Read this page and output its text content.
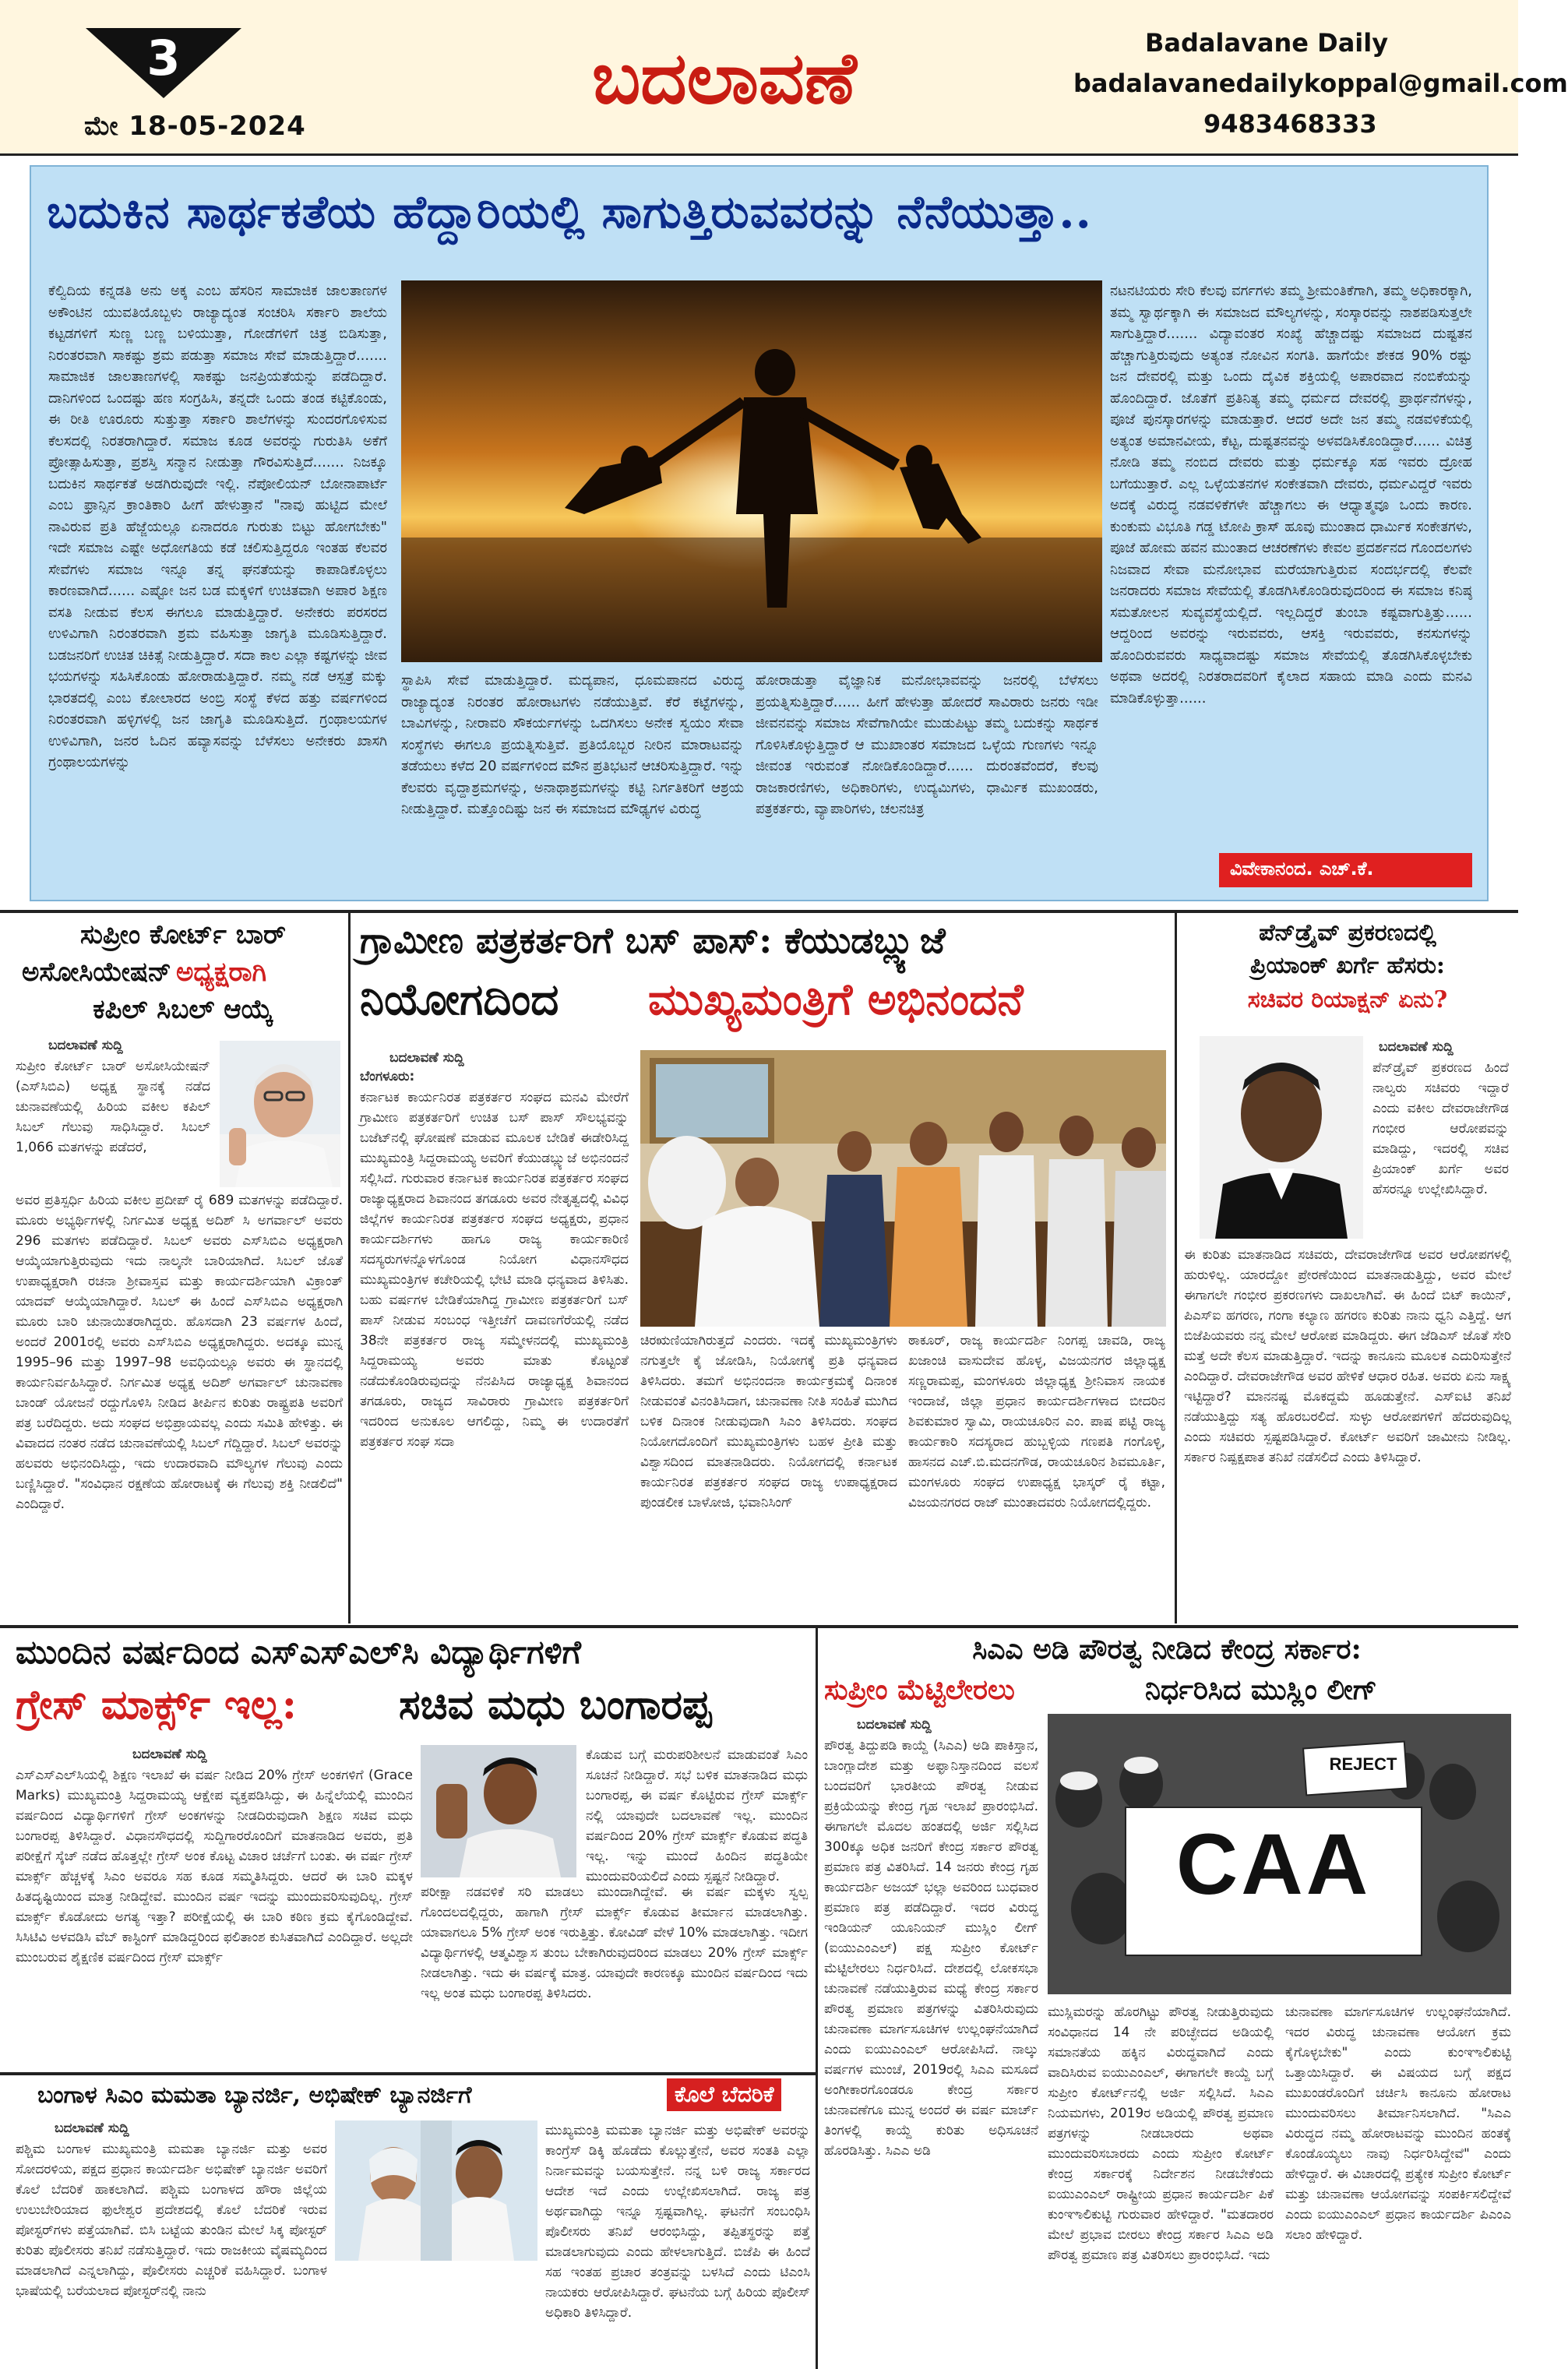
3
ಮೇ 18-05-2024
ಬದಲಾವಣೆ	Badalavane Daily
badalavanedailykoppal@gmail.com
9483468333
ಬದುಕಿನ ಸಾರ್ಥಕತೆಯ ಹೆದ್ದಾರಿಯಲ್ಲಿ ಸಾಗುತ್ತಿರುವವರನ್ನು ನೆನೆಯುತ್ತಾ..
ಕೆಲ್ವಿದಿಯ ಕನ್ನಡತಿ ಅನು ಅಕ್ಕ ಎಂಬ ಹೆಸರಿನ ಸಾಮಾಜಿಕ ಜಾಲತಾಣಗಳ ಅಕೌಂಟಿನ ಯುವತಿಯೊಬ್ಬಳು ರಾಜ್ಯಾದ್ಯಂತ ಸಂಚರಿಸಿ ಸರ್ಕಾರಿ ಶಾಲೆಯ ಕಟ್ಟಡಗಳಿಗೆ ಸುಣ್ಣ ಬಣ್ಣ ಬಳಿಯುತ್ತಾ, ಗೋಡೆಗಳಿಗೆ ಚಿತ್ರ ಬಿಡಿಸುತ್ತಾ, ನಿರಂತರವಾಗಿ ಸಾಕಷ್ಟು ಶ್ರಮ ಪಡುತ್ತಾ ಸಮಾಜ ಸೇವೆ ಮಾಡುತ್ತಿದ್ದಾರೆ....... ಸಾಮಾಜಿಕ ಜಾಲತಾಣಗಳಲ್ಲಿ ಸಾಕಷ್ಟು ಜನಪ್ರಿಯತೆಯನ್ನು ಪಡೆದಿದ್ದಾರೆ. ದಾನಿಗಳಿಂದ ಒಂದಷ್ಟು ಹಣ ಸಂಗ್ರಹಿಸಿ, ತನ್ನದೇ ಒಂದು ತಂಡ ಕಟ್ಟಿಕೊಂಡು, ಈ ರೀತಿ ಊರೂರು ಸುತ್ತುತ್ತಾ ಸರ್ಕಾರಿ ಶಾಲೆಗಳನ್ನು ಸುಂದರಗೊಳಿಸುವ ಕೆಲಸದಲ್ಲಿ ನಿರತರಾಗಿದ್ದಾರೆ. ಸಮಾಜ ಕೂಡ ಅವರನ್ನು ಗುರುತಿಸಿ ಅಕೆಗೆ ಪ್ರೋತ್ಸಾಹಿಸುತ್ತಾ, ಪ್ರಶಸ್ತಿ ಸನ್ಮಾನ ನೀಡುತ್ತಾ ಗೌರವಿಸುತ್ತಿದೆ....... ನಿಜಕ್ಕೂ ಬದುಕಿನ ಸಾರ್ಥಕತೆ ಅಡಗಿರುವುದೇ ಇಲ್ಲಿ. ನೆಪೋಲಿಯನ್ ಬೋನಾಪಾರ್ಟೆ ಎಂಬ ಫ್ರಾನ್ಸಿನ ಕ್ರಾಂತಿಕಾರಿ ಹೀಗೆ ಹೇಳುತ್ತಾನೆ "ನಾವು ಹುಟ್ಟಿದ ಮೇಲೆ ನಾವಿರುವ ಪ್ರತಿ ಹೆಜ್ಜೆಯಲ್ಲೂ ಏನಾದರೂ ಗುರುತು ಬಿಟ್ಟು ಹೋಗಬೇಕು" ಇದೇ ಸಮಾಜ ಎಷ್ಟೇ ಅಧೋಗತಿಯ ಕಡೆ ಚಲಿಸುತ್ತಿದ್ದರೂ ಇಂತಹ ಕೆಲವರ ಸೇವೆಗಳು ಸಮಾಜ ಇನ್ನೂ ತನ್ನ ಘನತೆಯನ್ನು ಕಾಪಾಡಿಕೊಳ್ಳಲು ಕಾರಣವಾಗಿದೆ...... ಎಷ್ಟೋ ಜನ ಬಡ ಮಕ್ಕಳಿಗೆ ಉಚಿತವಾಗಿ ಅಪಾರ ಶಿಕ್ಷಣ ವಸತಿ ನೀಡುವ ಕೆಲಸ ಈಗಲೂ ಮಾಡುತ್ತಿದ್ದಾರೆ. ಅನೇಕರು ಪರಸರದ ಉಳಿವಿಗಾಗಿ ನಿರಂತರವಾಗಿ ಶ್ರಮ ವಹಿಸುತ್ತಾ ಜಾಗೃತಿ ಮೂಡಿಸುತ್ತಿದ್ದಾರೆ. ಬಡಜನರಿಗೆ ಉಚಿತ ಚಿಕಿತ್ಸೆ ನೀಡುತ್ತಿದ್ದಾರೆ. ಸದಾ ಕಾಲ ಎಲ್ಲಾ ಕಷ್ಟಗಳನ್ನು ಜೀವ ಭಯಗಳನ್ನು ಸಹಿಸಿಕೊಂಡು ಹೋರಾಡುತ್ತಿದ್ದಾರೆ. ನಮ್ಮ ನಡೆ ಆಸ್ಪತ್ರೆ ಮಕ್ಕು ಭಾರತದಲ್ಲಿ ಎಂಬ ಕೋಲಾರದ ಅಂಬ್ರಿ ಸಂಸ್ಥೆ ಕೆಳದ ಹತ್ತು ವರ್ಷಗಳಿಂದ ನಿರಂತರವಾಗಿ ಹಳ್ಳಿಗಳಲ್ಲಿ ಜನ ಜಾಗೃತಿ ಮೂಡಿಸುತ್ತಿದೆ. ಗ್ರಂಥಾಲಯಗಳ ಉಳಿವಿಗಾಗಿ, ಜನರ ಓದಿನ ಹವ್ಯಾಸವನ್ನು ಬೆಳೆಸಲು ಅನೇಕರು ಖಾಸಗಿ ಗ್ರಂಥಾಲಯಗಳನ್ನು
ಸ್ಥಾಪಿಸಿ ಸೇವೆ ಮಾಡುತ್ತಿದ್ದಾರೆ. ಮದ್ಯಪಾನ, ಧೂಮಪಾನದ ವಿರುದ್ಧ ರಾಜ್ಯಾದ್ಯಂತ ನಿರಂತರ ಹೋರಾಟಗಳು ನಡೆಯುತ್ತಿವೆ. ಕೆರೆ ಕಟ್ಟೆಗಳನ್ನು, ಬಾವಿಗಳನ್ನು, ನೀರಾವರಿ ಸೌಕರ್ಯಗಳನ್ನು ಒದಗಿಸಲು ಅನೇಕ ಸ್ವಯಂ ಸೇವಾ ಸಂಸ್ಥೆಗಳು ಈಗಲೂ ಪ್ರಯತ್ನಿಸುತ್ತಿವೆ. ಪ್ರತಿಯೊಬ್ಬರ ನೀರಿನ ಮಾರಾಟವನ್ನು ತಡೆಯಲು ಕಳೆದ 20 ವರ್ಷಗಳಿಂದ ಮೌನ ಪ್ರತಿಭಟನೆ ಆಚರಿಸುತ್ತಿದ್ದಾರೆ. ಇನ್ನು ಕೆಲವರು ವೃದ್ದಾಶ್ರಮಗಳನ್ನು, ಅನಾಥಾಶ್ರಮಗಳನ್ನು ಕಟ್ಟಿ ನಿರ್ಗತಿಕರಿಗೆ ಆಶ್ರಯ ನೀಡುತ್ತಿದ್ದಾರೆ. ಮತ್ತೊಂದಿಷ್ಟು ಜನ ಈ ಸಮಾಜದ ಮೌಢ್ಯಗಳ ವಿರುದ್ಧ
ಹೋರಾಡುತ್ತಾ ವೈಜ್ಞಾನಿಕ ಮನೋಭಾವವನ್ನು ಜನರಲ್ಲಿ ಬೆಳೆಸಲು ಪ್ರಯತ್ನಿಸುತ್ತಿದ್ದಾರೆ...... ಹೀಗೆ ಹೇಳುತ್ತಾ ಹೋದರೆ ಸಾವಿರಾರು ಜನರು ಇಡೀ ಜೀವನವನ್ನು ಸಮಾಜ ಸೇವೆಗಾಗಿಯೇ ಮುಡುಪಿಟ್ಟು ತಮ್ಮ ಬದುಕನ್ನು ಸಾರ್ಥಕ ಗೊಳಿಸಿಕೊಳ್ಳುತ್ತಿದ್ದಾರೆ ಆ ಮುಖಾಂತರ ಸಮಾಜದ ಒಳ್ಳೆಯ ಗುಣಗಳು ಇನ್ನೂ ಜೀವಂತ ಇರುವಂತೆ ನೋಡಿಕೊಂಡಿದ್ದಾರೆ...... ದುರಂತವೆಂದರೆ, ಕೆಲವು ರಾಜಕಾರಣಿಗಳು, ಅಧಿಕಾರಿಗಳು, ಉದ್ಯಮಿಗಳು, ಧಾರ್ಮಿಕ ಮುಖಂಡರು, ಪತ್ರಕರ್ತರು, ವ್ಯಾಪಾರಿಗಳು, ಚಲನಚಿತ್ರ
ನಟನಟಿಯರು ಸೇರಿ ಕೆಲವು ವರ್ಗಗಳು ತಮ್ಮ ಶ್ರೀಮಂತಿಕೆಗಾಗಿ, ತಮ್ಮ ಅಧಿಕಾರಕ್ಕಾಗಿ, ತಮ್ಮ ಸ್ವಾರ್ಥಕ್ಕಾಗಿ ಈ ಸಮಾಜದ ಮೌಲ್ಯಗಳನ್ನು, ಸಂಸ್ಕಾರವನ್ನು ನಾಶಪಡಿಸುತ್ತಲೇ ಸಾಗುತ್ತಿದ್ದಾರೆ....... ವಿದ್ಯಾವಂತರ ಸಂಖ್ಯೆ ಹೆಚ್ಚಾದಷ್ಟು ಸಮಾಜದ ದುಷ್ಟತನ ಹೆಚ್ಚಾಗುತ್ತಿರುವುದು ಅತ್ಯಂತ ನೋವಿನ ಸಂಗತಿ. ಹಾಗೆಯೇ ಶೇಕಡ 90% ರಷ್ಟು ಜನ ದೇವರಲ್ಲಿ ಮತ್ತು ಒಂದು ದೈವಿಕ ಶಕ್ತಿಯಲ್ಲಿ ಅಪಾರವಾದ ನಂಬಿಕೆಯನ್ನು ಹೊಂದಿದ್ದಾರೆ. ಜೊತೆಗೆ ಪ್ರತಿನಿತ್ಯ ತಮ್ಮ ಧರ್ಮದ ದೇವರಲ್ಲಿ ಪ್ರಾರ್ಥನೆಗಳನ್ನು, ಪೂಜೆ ಪುನಸ್ಕಾರಗಳನ್ನು ಮಾಡುತ್ತಾರೆ. ಆದರೆ ಅದೇ ಜನ ತಮ್ಮ ನಡವಳಿಕೆಯಲ್ಲಿ ಅತ್ಯಂತ ಅಮಾನವೀಯ, ಕೆಟ್ಟ, ದುಷ್ಟತನವನ್ನು ಅಳವಡಿಸಿಕೊಂಡಿದ್ದಾರೆ...... ವಿಚಿತ್ರ ನೋಡಿ ತಮ್ಮ ನಂಬಿದ ದೇವರು ಮತ್ತು ಧರ್ಮಕ್ಕೂ ಸಹ ಇವರು ದ್ರೋಹ ಬಗೆಯುತ್ತಾರೆ. ಎಲ್ಲ ಒಳ್ಳೆಯತನಗಳ ಸಂಕೇತವಾಗಿ ದೇವರು, ಧರ್ಮವಿದ್ದರೆ ಇವರು ಅದಕ್ಕೆ ವಿರುದ್ಧ ನಡವಳಿಕೆಗಳೇ ಹೆಚ್ಚಾಗಲು ಈ ಆಧ್ಯಾತ್ಮವೂ ಒಂದು ಕಾರಣ. ಕುಂಕುಮ ವಿಭೂತಿ ಗಡ್ಡ ಟೋಪಿ ಕ್ರಾಸ್ ಹೂವು ಮುಂತಾದ ಧಾರ್ಮಿಕ ಸಂಕೇತಗಳು, ಪೂಜೆ ಹೋಮ ಹವನ ಮುಂತಾದ ಆಚರಣೆಗಳು ಕೇವಲ ಪ್ರದರ್ಶನದ ಗೊಂದಲಗಳು ನಿಜವಾದ ಸೇವಾ ಮನೋಭಾವ ಮರೆಯಾಗುತ್ತಿರುವ ಸಂದರ್ಭದಲ್ಲಿ ಕೆಲವೇ ಜನರಾದರು ಸಮಾಜ ಸೇವೆಯಲ್ಲಿ ತೊಡಗಿಸಿಕೊಂಡಿರುವುದರಿಂದ ಈ ಸಮಾಜ ಕನಿಷ್ಠ ಸಮತೋಲನ ಸುವ್ಯವಸ್ಥೆಯಲ್ಲಿದೆ. ಇಲ್ಲದಿದ್ದರೆ ತುಂಬಾ ಕಷ್ಟವಾಗುತ್ತಿತ್ತು...... ಆದ್ದರಿಂದ ಅವರನ್ನು ಇರುವವರು, ಆಸಕ್ತಿ ಇರುವವರು, ಕನಸುಗಳನ್ನು ಹೊಂದಿರುವವರು ಸಾಧ್ಯವಾದಷ್ಟು ಸಮಾಜ ಸೇವೆಯಲ್ಲಿ ತೊಡಗಿಸಿಕೊಳ್ಳಬೇಕು ಅಥವಾ ಅದರಲ್ಲಿ ನಿರತರಾದವರಿಗೆ ಕೈಲಾದ ಸಹಾಯ ಮಾಡಿ ಎಂದು ಮನವಿ ಮಾಡಿಕೊಳ್ಳುತ್ತಾ......
ವಿವೇಕಾನಂದ. ಎಚ್.ಕೆ.
ಸುಪ್ರೀಂ ಕೋರ್ಟ್ ಬಾರ್
ಅಸೋಸಿಯೇಷನ್ ಅಧ್ಯಕ್ಷರಾಗಿ
ಕಪಿಲ್ ಸಿಬಲ್ ಆಯ್ಕೆ
ಬದಲಾವಣೆ ಸುದ್ದಿ
ಸುಪ್ರೀಂ ಕೋರ್ಟ್ ಬಾರ್ ಅಸೋಸಿಯೇಷನ್ (ಎಸ್‌ಸಿಬಿಎ) ಅಧ್ಯಕ್ಷ ಸ್ಥಾನಕ್ಕೆ ನಡೆದ ಚುನಾವಣೆಯಲ್ಲಿ ಹಿರಿಯ ವಕೀಲ ಕಪಿಲ್ ಸಿಬಲ್ ಗೆಲುವು ಸಾಧಿಸಿದ್ದಾರೆ. ಸಿಬಲ್ 1,066 ಮತಗಳನ್ನು ಪಡೆದರೆ,
ಅವರ ಪ್ರತಿಸ್ಪರ್ಧಿ ಹಿರಿಯ ವಕೀಲ ಪ್ರದೀಪ್ ರೈ 689 ಮತಗಳನ್ನು ಪಡೆದಿದ್ದಾರೆ. ಮೂರು ಅಭ್ಯರ್ಥಿಗಳಲ್ಲಿ ನಿರ್ಗಮಿತ ಅಧ್ಯಕ್ಷ ಅದಿಶ್ ಸಿ ಅಗರ್ವಾಲ್ ಅವರು 296 ಮತಗಳು ಪಡೆದಿದ್ದಾರೆ. ಸಿಬಲ್ ಅವರು ಎಸ್‌ಸಿಬಿಎ ಅಧ್ಯಕ್ಷರಾಗಿ ಆಯ್ಕೆಯಾಗುತ್ತಿರುವುದು ಇದು ನಾಲ್ಕನೇ ಬಾರಿಯಾಗಿದೆ. ಸಿಬಲ್ ಜೊತೆ ಉಪಾಧ್ಯಕ್ಷರಾಗಿ ರಚನಾ ಶ್ರೀವಾಸ್ತವ ಮತ್ತು ಕಾರ್ಯದರ್ಶಿಯಾಗಿ ವಿಕ್ರಾಂತ್ ಯಾದವ್ ಆಯ್ಕೆಯಾಗಿದ್ದಾರೆ. ಸಿಬಲ್ ಈ ಹಿಂದೆ ಎಸ್‌ಸಿಬಿಎ ಅಧ್ಯಕ್ಷರಾಗಿ ಮೂರು ಬಾರಿ ಚುನಾಯಿತರಾಗಿದ್ದರು. ಹೊಸದಾಗಿ 23 ವರ್ಷಗಳ ಹಿಂದೆ, ಅಂದರೆ 2001ರಲ್ಲಿ ಅವರು ಎಸ್‌ಸಿಬಿಎ ಅಧ್ಯಕ್ಷರಾಗಿದ್ದರು. ಅದಕ್ಕೂ ಮುನ್ನ 1995–96 ಮತ್ತು 1997–98 ಅವಧಿಯಲ್ಲೂ ಅವರು ಈ ಸ್ಥಾನದಲ್ಲಿ ಕಾರ್ಯನಿರ್ವಹಿಸಿದ್ದಾರೆ. ನಿರ್ಗಮಿತ ಅಧ್ಯಕ್ಷ ಅದಿಶ್ ಅಗರ್ವಾಲ್ ಚುನಾವಣಾ ಬಾಂಡ್ ಯೋಜನೆ ರದ್ದುಗೊಳಿಸಿ ನೀಡಿದ ತೀರ್ಪಿನ ಕುರಿತು ರಾಷ್ಟ್ರಪತಿ ಅವರಿಗೆ ಪತ್ರ ಬರೆದಿದ್ದರು. ಅದು ಸಂಘದ ಅಭಿಪ್ರಾಯವಲ್ಲ ಎಂದು ಸಮಿತಿ ಹೇಳಿತ್ತು. ಈ ವಿವಾದದ ನಂತರ ನಡೆದ ಚುನಾವಣೆಯಲ್ಲಿ ಸಿಬಲ್ ಗೆದ್ದಿದ್ದಾರೆ. ಸಿಬಲ್ ಅವರನ್ನು ಹಲವರು ಅಭಿನಂದಿಸಿದ್ದು, ಇದು ಉದಾರವಾದಿ ಮೌಲ್ಯಗಳ ಗೆಲುವು ಎಂದು ಬಣ್ಣಿಸಿದ್ದಾರೆ. "ಸಂವಿಧಾನ ರಕ್ಷಣೆಯ ಹೋರಾಟಕ್ಕೆ ಈ ಗೆಲುವು ಶಕ್ತಿ ನೀಡಲಿದೆ" ಎಂದಿದ್ದಾರೆ.
ಗ್ರಾಮೀಣ ಪತ್ರಕರ್ತರಿಗೆ ಬಸ್ ಪಾಸ್: ಕೆಯುಡಬ್ಲ್ಯುಜೆ
ನಿಯೋಗದಿಂದ ಮುಖ್ಯಮಂತ್ರಿಗೆ ಅಭಿನಂದನೆ
ಬದಲಾವಣೆ ಸುದ್ದಿ
ಬೆಂಗಳೂರು:
ಕರ್ನಾಟಕ ಕಾರ್ಯನಿರತ ಪತ್ರಕರ್ತರ ಸಂಘದ ಮನವಿ ಮೇರೆಗೆ ಗ್ರಾಮೀಣ ಪತ್ರಕರ್ತರಿಗೆ ಉಚಿತ ಬಸ್ ಪಾಸ್ ಸೌಲಭ್ಯವನ್ನು ಬಜೆಟ್‌ನಲ್ಲಿ ಘೋಷಣೆ ಮಾಡುವ ಮೂಲಕ ಬೇಡಿಕೆ ಈಡೇರಿಸಿದ್ದ ಮುಖ್ಯಮಂತ್ರಿ ಸಿದ್ದರಾಮಯ್ಯ ಅವರಿಗೆ ಕೆಯುಡಬ್ಲ್ಯುಜೆ ಅಭಿನಂದನೆ ಸಲ್ಲಿಸಿದೆ. ಗುರುವಾರ ಕರ್ನಾಟಕ ಕಾರ್ಯನಿರತ ಪತ್ರಕರ್ತರ ಸಂಘದ ರಾಜ್ಯಾಧ್ಯಕ್ಷರಾದ ಶಿವಾನಂದ ತಗಡೂರು ಅವರ ನೇತೃತ್ವದಲ್ಲಿ ವಿವಿಧ ಜಿಲ್ಲೆಗಳ ಕಾರ್ಯನಿರತ ಪತ್ರಕರ್ತರ ಸಂಘದ ಅಧ್ಯಕ್ಷರು, ಪ್ರಧಾನ ಕಾರ್ಯದರ್ಶಿಗಳು ಹಾಗೂ ರಾಜ್ಯ ಕಾರ್ಯಕಾರಿಣಿ ಸದಸ್ಯರುಗಳನ್ನೊಳಗೊಂಡ ನಿಯೋಗ ವಿಧಾನಸೌಧದ ಮುಖ್ಯಮಂತ್ರಿಗಳ ಕಚೇರಿಯಲ್ಲಿ ಭೇಟಿ ಮಾಡಿ ಧನ್ಯವಾದ ತಿಳಿಸಿತು. ಬಹು ವರ್ಷಗಳ ಬೇಡಿಕೆಯಾಗಿದ್ದ ಗ್ರಾಮೀಣ ಪತ್ರಕರ್ತರಿಗೆ ಬಸ್ ಪಾಸ್ ನೀಡುವ ಸಂಬಂಧ ಇತ್ತೀಚೆಗೆ ದಾವಣಗೆರೆಯಲ್ಲಿ ನಡೆದ 38ನೇ ಪತ್ರಕರ್ತರ ರಾಜ್ಯ ಸಮ್ಮೇಳನದಲ್ಲಿ ಮುಖ್ಯಮಂತ್ರಿ ಸಿದ್ದರಾಮಯ್ಯ ಅವರು ಮಾತು ಕೊಟ್ಟಂತೆ ನಡೆದುಕೊಂಡಿರುವುದನ್ನು ನೆನಪಿಸಿದ ರಾಜ್ಯಾಧ್ಯಕ್ಷ ಶಿವಾನಂದ ತಗಡೂರು, ರಾಜ್ಯದ ಸಾವಿರಾರು ಗ್ರಾಮೀಣ ಪತ್ರಕರ್ತರಿಗೆ ಇದರಿಂದ ಅನುಕೂಲ ಆಗಲಿದ್ದು, ನಿಮ್ಮ ಈ ಉದಾರತೆಗೆ ಪತ್ರಕರ್ತರ ಸಂಘ ಸದಾ
ಚಿರಋಣಿಯಾಗಿರುತ್ತದೆ ಎಂದರು. ಇದಕ್ಕೆ ಮುಖ್ಯಮಂತ್ರಿಗಳು ನಗುತ್ತಲೇ ಕೈ ಜೋಡಿಸಿ, ನಿಯೋಗಕ್ಕೆ ಪ್ರತಿ ಧನ್ಯವಾದ ತಿಳಿಸಿದರು. ತಮಗೆ ಅಭಿನಂದನಾ ಕಾರ್ಯಕ್ರಮಕ್ಕೆ ದಿನಾಂಕ ನೀಡುವಂತೆ ವಿನಂತಿಸಿದಾಗ, ಚುನಾವಣಾ ನೀತಿ ಸಂಹಿತೆ ಮುಗಿದ ಬಳಿಕ ದಿನಾಂಕ ನೀಡುವುದಾಗಿ ಸಿಎಂ ತಿಳಿಸಿದರು. ಸಂಘದ ನಿಯೋಗದೊಂದಿಗೆ ಮುಖ್ಯಮಂತ್ರಿಗಳು ಬಹಳ ಪ್ರೀತಿ ಮತ್ತು ವಿಶ್ವಾಸದಿಂದ ಮಾತನಾಡಿದರು. ನಿಯೋಗದಲ್ಲಿ ಕರ್ನಾಟಕ ಕಾರ್ಯನಿರತ ಪತ್ರಕರ್ತರ ಸಂಘದ ರಾಜ್ಯ ಉಪಾಧ್ಯಕ್ಷರಾದ ಪುಂಡಲೀಕ ಬಾಳೋಜಿ, ಭವಾನಿಸಿಂಗ್
ಠಾಕೂರ್, ರಾಜ್ಯ ಕಾರ್ಯದರ್ಶಿ ನಿಂಗಪ್ಪ ಚಾವಡಿ, ರಾಜ್ಯ ಖಜಾಂಚಿ ವಾಸುದೇವ ಹೊಳ್ಳ, ವಿಜಯನಗರ ಜಿಲ್ಲಾಧ್ಯಕ್ಷ ಸಣ್ಣರಾಮಪ್ಪ, ಮಂಗಳೂರು ಜಿಲ್ಲಾಧ್ಯಕ್ಷ ಶ್ರೀನಿವಾಸ ನಾಯಕ ಇಂದಾಜೆ, ಜಿಲ್ಲಾ ಪ್ರಧಾನ ಕಾರ್ಯದರ್ಶಿಗಳಾದ ಬೀದರಿನ ಶಿವಕುಮಾರ ಸ್ವಾಮಿ, ರಾಯಚೂರಿನ ಎಂ. ಪಾಷ ಪಟ್ಟಿ ರಾಜ್ಯ ಕಾರ್ಯಕಾರಿ ಸದಸ್ಯರಾದ ಹುಬ್ಬಳ್ಳಿಯ ಗಣಪತಿ ಗಂಗೊಳ್ಳಿ, ಹಾಸನದ ಎಚ್.ಬಿ.ಮದನಗೌಡ, ರಾಯಚೂರಿನ ಶಿವಮೂರ್ತಿ, ಮಂಗಳೂರು ಸಂಘದ ಉಪಾಧ್ಯಕ್ಷ ಭಾಸ್ಕರ್ ರೈ ಕಟ್ಟಾ, ವಿಜಯನಗರದ ರಾಜ್ ಮುಂತಾದವರು ನಿಯೋಗದಲ್ಲಿದ್ದರು.
ಪೆನ್‌ಡ್ರೈವ್ ಪ್ರಕರಣದಲ್ಲಿ
ಪ್ರಿಯಾಂಕ್ ಖರ್ಗೆ ಹೆಸರು:
ಸಚಿವರ ರಿಯಾಕ್ಷನ್ ಏನು?
ಬದಲಾವಣೆ ಸುದ್ದಿ
ಪೆನ್‌ಡ್ರೈವ್ ಪ್ರಕರಣದ ಹಿಂದೆ ನಾಲ್ವರು ಸಚಿವರು ಇದ್ದಾರೆ ಎಂದು ವಕೀಲ ದೇವರಾಜೇಗೌಡ ಗಂಭೀರ ಆರೋಪವನ್ನು ಮಾಡಿದ್ದು, ಇದರಲ್ಲಿ ಸಚಿವ ಪ್ರಿಯಾಂಕ್ ಖರ್ಗೆ ಅವರ ಹೆಸರನ್ನೂ ಉಲ್ಲೇಖಿಸಿದ್ದಾರೆ.
ಈ ಕುರಿತು ಮಾತನಾಡಿದ ಸಚಿವರು, ದೇವರಾಜೇಗೌಡ ಅವರ ಆರೋಪಗಳಲ್ಲಿ ಹುರುಳಿಲ್ಲ. ಯಾರದ್ದೋ ಪ್ರೇರಣೆಯಿಂದ ಮಾತನಾಡುತ್ತಿದ್ದು, ಅವರ ಮೇಲೆ ಈಗಾಗಲೇ ಗಂಭೀರ ಪ್ರಕರಣಗಳು ದಾಖಲಾಗಿವೆ. ಈ ಹಿಂದೆ ಬಿಟ್ ಕಾಯಿನ್, ಪಿಎಸ್‌ಐ ಹಗರಣ, ಗಂಗಾ ಕಲ್ಯಾಣ ಹಗರಣ ಕುರಿತು ನಾನು ಧ್ವನಿ ಎತ್ತಿದ್ದೆ. ಆಗ ಬಿಜೆಪಿಯವರು ನನ್ನ ಮೇಲೆ ಆರೋಪ ಮಾಡಿದ್ದರು. ಈಗ ಜೆಡಿಎಸ್ ಜೊತೆ ಸೇರಿ ಮತ್ತೆ ಅದೇ ಕೆಲಸ ಮಾಡುತ್ತಿದ್ದಾರೆ. ಇದನ್ನು ಕಾನೂನು ಮೂಲಕ ಎದುರಿಸುತ್ತೇನೆ ಎಂದಿದ್ದಾರೆ. ದೇವರಾಜೇಗೌಡ ಅವರ ಹೇಳಿಕೆ ಆಧಾರ ರಹಿತ. ಅವರು ಏನು ಸಾಕ್ಷ್ಯ ಇಟ್ಟಿದ್ದಾರೆ? ಮಾನನಷ್ಟ ಮೊಕದ್ದಮೆ ಹೂಡುತ್ತೇನೆ. ಎಸ್‌ಐಟಿ ತನಿಖೆ ನಡೆಯುತ್ತಿದ್ದು ಸತ್ಯ ಹೊರಬರಲಿದೆ. ಸುಳ್ಳು ಆರೋಪಗಳಿಗೆ ಹೆದರುವುದಿಲ್ಲ ಎಂದು ಸಚಿವರು ಸ್ಪಷ್ಟಪಡಿಸಿದ್ದಾರೆ. ಕೋರ್ಟ್ ಅವರಿಗೆ ಜಾಮೀನು ನೀಡಿಲ್ಲ. ಸರ್ಕಾರ ನಿಷ್ಪಕ್ಷಪಾತ ತನಿಖೆ ನಡೆಸಲಿದೆ ಎಂದು ತಿಳಿಸಿದ್ದಾರೆ.
ಮುಂದಿನ ವರ್ಷದಿಂದ ಎಸ್‌ಎಸ್‌ಎಲ್‌ಸಿ ವಿದ್ಯಾರ್ಥಿಗಳಿಗೆ
ಗ್ರೇಸ್ ಮಾರ್ಕ್ಸ್ ಇಲ್ಲ:	ಸಚಿವ ಮಧು ಬಂಗಾರಪ್ಪ
ಬದಲಾವಣೆ ಸುದ್ದಿ
ಎಸ್‌ಎಸ್‌ಎಲ್‌ಸಿಯಲ್ಲಿ ಶಿಕ್ಷಣ ಇಲಾಖೆ ಈ ವರ್ಷ ನೀಡಿದ 20% ಗ್ರೇಸ್ ಅಂಕಗಳಿಗೆ (Grace Marks) ಮುಖ್ಯಮಂತ್ರಿ ಸಿದ್ದರಾಮಯ್ಯ ಆಕ್ಷೇಪ ವ್ಯಕ್ತಪಡಿಸಿದ್ದು, ಈ ಹಿನ್ನೆಲೆಯಲ್ಲಿ ಮುಂದಿನ ವರ್ಷದಿಂದ ವಿದ್ಯಾರ್ಥಿಗಳಿಗೆ ಗ್ರೇಸ್ ಅಂಕಗಳನ್ನು ನೀಡದಿರುವುದಾಗಿ ಶಿಕ್ಷಣ ಸಚಿವ ಮಧು ಬಂಗಾರಪ್ಪ ತಿಳಿಸಿದ್ದಾರೆ. ವಿಧಾನಸೌಧದಲ್ಲಿ ಸುದ್ದಿಗಾರರೊಂದಿಗೆ ಮಾತನಾಡಿದ ಅವರು, ಪ್ರತಿ ಪರೀಕ್ಷೆಗೆ ಸ್ಕೆಚ್ ನಡೆದ ಹೊತ್ತಲ್ಲೇ ಗ್ರೇಸ್ ಅಂಕ ಕೊಟ್ಟ ವಿಚಾರ ಚರ್ಚೆಗೆ ಬಂತು. ಈ ವರ್ಷ ಗ್ರೇಸ್ ಮಾರ್ಕ್ಸ್ ಹೆಚ್ಚಳಕ್ಕೆ ಸಿಎಂ ಅವರೂ ಸಹ ಕೂಡ ಸಮ್ಮತಿಸಿದ್ದರು. ಆದರೆ ಈ ಬಾರಿ ಮಕ್ಕಳ ಹಿತದೃಷ್ಟಿಯಿಂದ ಮಾತ್ರ ನೀಡಿದ್ದೇವೆ. ಮುಂದಿನ ವರ್ಷ ಇದನ್ನು ಮುಂದುವರಿಸುವುದಿಲ್ಲ. ಗ್ರೇಸ್ ಮಾರ್ಕ್ಸ್ ಕೊಡೋದು ಅಗತ್ಯ ಇತ್ತಾ? ಪರೀಕ್ಷೆಯಲ್ಲಿ ಈ ಬಾರಿ ಕಠಿಣ ಕ್ರಮ ಕೈಗೊಂಡಿದ್ದೇವೆ. ಸಿಸಿಟಿವಿ ಅಳವಡಿಸಿ ವೆಬ್ ಕಾಸ್ಟಿಂಗ್ ಮಾಡಿದ್ದರಿಂದ ಫಲಿತಾಂಶ ಕುಸಿತವಾಗಿದೆ ಎಂದಿದ್ದಾರೆ. ಅಲ್ಲದೇ ಮುಂಬರುವ ಶೈಕ್ಷಣಿಕ ವರ್ಷದಿಂದ ಗ್ರೇಸ್ ಮಾರ್ಕ್ಸ್
ಕೊಡುವ ಬಗ್ಗೆ ಮರುಪರಿಶೀಲನೆ ಮಾಡುವಂತೆ ಸಿಎಂ ಸೂಚನೆ ನೀಡಿದ್ದಾರೆ. ಸಭೆ ಬಳಿಕ ಮಾತನಾಡಿದ ಮಧು ಬಂಗಾರಪ್ಪ, ಈ ವರ್ಷ ಕೊಟ್ಟಿರುವ ಗ್ರೇಸ್ ಮಾರ್ಕ್ಸ್ ನಲ್ಲಿ ಯಾವುದೇ ಬದಲಾವಣೆ ಇಲ್ಲ. ಮುಂದಿನ ವರ್ಷದಿಂದ 20% ಗ್ರೇಸ್ ಮಾರ್ಕ್ಸ್ ಕೊಡುವ ಪದ್ಧತಿ ಇಲ್ಲ. ಇನ್ನು ಮುಂದೆ ಹಿಂದಿನ ಪದ್ಧತಿಯೇ ಮುಂದುವರಿಯಲಿದೆ ಎಂದು ಸ್ಪಷ್ಟನೆ ನೀಡಿದ್ದಾರೆ.
ಪರೀಕ್ಷಾ ನಡವಳಿಕೆ ಸರಿ ಮಾಡಲು ಮುಂದಾಗಿದ್ದೇವೆ. ಈ ವರ್ಷ ಮಕ್ಕಳು ಸ್ವಲ್ಪ ಗೊಂದಲದಲ್ಲಿದ್ದರು, ಹಾಗಾಗಿ ಗ್ರೇಸ್ ಮಾರ್ಕ್ಸ್ ಕೊಡುವ ತೀರ್ಮಾನ ಮಾಡಲಾಗಿತ್ತು. ಯಾವಾಗಲೂ 5% ಗ್ರೇಸ್ ಅಂಕ ಇರುತ್ತಿತ್ತು. ಕೋವಿಡ್ ವೇಳೆ 10% ಮಾಡಲಾಗಿತ್ತು. ಇದೀಗ ವಿದ್ಯಾರ್ಥಿಗಳಲ್ಲಿ ಆತ್ಮವಿಶ್ವಾಸ ತುಂಬ ಬೇಕಾಗಿರುವುದರಿಂದ ಮಾಡಲು 20% ಗ್ರೇಸ್ ಮಾರ್ಕ್ಸ್ ನೀಡಲಾಗಿತ್ತು. ಇದು ಈ ವರ್ಷಕ್ಕೆ ಮಾತ್ರ. ಯಾವುದೇ ಕಾರಣಕ್ಕೂ ಮುಂದಿನ ವರ್ಷದಿಂದ ಇದು ಇಲ್ಲ ಅಂತ ಮಧು ಬಂಗಾರಪ್ಪ ತಿಳಿಸಿದರು.
ಬಂಗಾಳ ಸಿಎಂ ಮಮತಾ ಬ್ಯಾನರ್ಜಿ, ಅಭಿಷೇಕ್ ಬ್ಯಾನರ್ಜಿಗೆ	ಕೊಲೆ ಬೆದರಿಕೆ
ಬದಲಾವಣೆ ಸುದ್ದಿ
ಪಶ್ಚಿಮ ಬಂಗಾಳ ಮುಖ್ಯಮಂತ್ರಿ ಮಮತಾ ಬ್ಯಾನರ್ಜಿ ಮತ್ತು ಅವರ ಸೋದರಳಿಯ, ಪಕ್ಷದ ಪ್ರಧಾನ ಕಾರ್ಯದರ್ಶಿ ಅಭಿಷೇಕ್ ಬ್ಯಾನರ್ಜಿ ಅವರಿಗೆ ಕೊಲೆ ಬೆದರಿಕೆ ಹಾಕಲಾಗಿದೆ. ಪಶ್ಚಿಮ ಬಂಗಾಳದ ಹೌರಾ ಜಿಲ್ಲೆಯ ಉಲುಬೇರಿಯಾದ ಫುಲೇಶ್ವರ ಪ್ರದೇಶದಲ್ಲಿ ಕೊಲೆ ಬೆದರಿಕೆ ಇರುವ ಪೋಸ್ಟರ್‌ಗಳು ಪತ್ತೆಯಾಗಿವೆ. ಬಿಸಿ ಬಟ್ಟೆಯ ತುಂಡಿನ ಮೇಲೆ ಸಿಕ್ಕ ಪೋಸ್ಟರ್ ಕುರಿತು ಪೊಲೀಸರು ತನಿಖೆ ನಡೆಸುತ್ತಿದ್ದಾರೆ. ಇದು ರಾಜಕೀಯ ವೈಷಮ್ಯದಿಂದ ಮಾಡಲಾಗಿದೆ ಎನ್ನಲಾಗಿದ್ದು, ಪೊಲೀಸರು ಎಚ್ಚರಿಕೆ ವಹಿಸಿದ್ದಾರೆ. ಬಂಗಾಳ ಭಾಷೆಯಲ್ಲಿ ಬರೆಯಲಾದ ಪೋಸ್ಟರ್‌ನಲ್ಲಿ ನಾನು
ಮುಖ್ಯಮಂತ್ರಿ ಮಮತಾ ಬ್ಯಾನರ್ಜಿ ಮತ್ತು ಅಭಿಷೇಕ್ ಅವರನ್ನು ಕಾಂಗ್ರೆಸ್ ಡಿಕ್ಕಿ ಹೊಡೆದು ಕೊಲ್ಲುತ್ತೇನೆ, ಅವರ ಸಂತತಿ ಎಲ್ಲಾ ನಿರ್ನಾಮವನ್ನು ಬಯಸುತ್ತೇನೆ. ನನ್ನ ಬಳಿ ರಾಜ್ಯ ಸರ್ಕಾರದ ಆದೇಶ ಇದೆ ಎಂದು ಉಲ್ಲೇಖಿಸಲಾಗಿದೆ. ರಾಜ್ಯ ಪತ್ರ ಅರ್ಥವಾಗಿದ್ದು ಇನ್ನೂ ಸ್ಪಷ್ಟವಾಗಿಲ್ಲ. ಘಟನೆಗೆ ಸಂಬಂಧಿಸಿ ಪೊಲೀಸರು ತನಿಖೆ ಆರಂಭಿಸಿದ್ದು, ತಪ್ಪಿತಸ್ಥರನ್ನು ಪತ್ತೆ ಮಾಡಲಾಗುವುದು ಎಂದು ಹೇಳಲಾಗುತ್ತಿದೆ. ಬಿಜೆಪಿ ಈ ಹಿಂದೆ ಸಹ ಇಂತಹ ಪ್ರಚಾರ ತಂತ್ರವನ್ನು ಬಳಸಿದೆ ಎಂದು ಟಿಎಂಸಿ ನಾಯಕರು ಆರೋಪಿಸಿದ್ದಾರೆ. ಘಟನೆಯ ಬಗ್ಗೆ ಹಿರಿಯ ಪೊಲೀಸ್ ಅಧಿಕಾರಿ ತಿಳಿಸಿದ್ದಾರೆ.
ಸಿಎಎ ಅಡಿ ಪೌರತ್ವ ನೀಡಿದ ಕೇಂದ್ರ ಸರ್ಕಾರ:
ಸುಪ್ರೀಂ ಮೆಟ್ಟಿಲೇರಲು	ನಿರ್ಧರಿಸಿದ ಮುಸ್ಲಿಂ ಲೀಗ್
ಬದಲಾವಣೆ ಸುದ್ದಿ
ಪೌರತ್ವ ತಿದ್ದುಪಡಿ ಕಾಯ್ದೆ (ಸಿಎಎ) ಅಡಿ ಪಾಕಿಸ್ತಾನ, ಬಾಂಗ್ಲಾದೇಶ ಮತ್ತು ಅಫ್ಘಾನಿಸ್ತಾನದಿಂದ ವಲಸೆ ಬಂದವರಿಗೆ ಭಾರತೀಯ ಪೌರತ್ವ ನೀಡುವ ಪ್ರಕ್ರಿಯೆಯನ್ನು ಕೇಂದ್ರ ಗೃಹ ಇಲಾಖೆ ಪ್ರಾರಂಭಿಸಿದೆ. ಈಗಾಗಲೇ ಮೊದಲ ಹಂತದಲ್ಲಿ ಅರ್ಜಿ ಸಲ್ಲಿಸಿದ 300ಕ್ಕೂ ಅಧಿಕ ಜನರಿಗೆ ಕೇಂದ್ರ ಸರ್ಕಾರ ಪೌರತ್ವ ಪ್ರಮಾಣ ಪತ್ರ ವಿತರಿಸಿದೆ. 14 ಜನರು ಕೇಂದ್ರ ಗೃಹ ಕಾರ್ಯದರ್ಶಿ ಅಜಯ್ ಭಲ್ಲಾ ಅವರಿಂದ ಬುಧವಾರ ಪ್ರಮಾಣ ಪತ್ರ ಪಡೆದಿದ್ದಾರೆ. ಇದರ ವಿರುದ್ಧ ಇಂಡಿಯನ್ ಯೂನಿಯನ್ ಮುಸ್ಲಿಂ ಲೀಗ್ (ಐಯುಎಂಎಲ್) ಪಕ್ಷ ಸುಪ್ರೀಂ ಕೋರ್ಟ್ ಮೆಟ್ಟಿಲೇರಲು ನಿರ್ಧರಿಸಿದೆ. ದೇಶದಲ್ಲಿ ಲೋಕಸಭಾ ಚುನಾವಣೆ ನಡೆಯುತ್ತಿರುವ ಮಧ್ಯೆ ಕೇಂದ್ರ ಸರ್ಕಾರ ಪೌರತ್ವ ಪ್ರಮಾಣ ಪತ್ರಗಳನ್ನು ವಿತರಿಸಿರುವುದು ಚುನಾವಣಾ ಮಾರ್ಗಸೂಚಿಗಳ ಉಲ್ಲಂಘನೆಯಾಗಿದೆ ಎಂದು ಐಯುಎಂಎಲ್ ಆರೋಪಿಸಿದೆ. ನಾಲ್ಕು ವರ್ಷಗಳ ಮುಂಚೆ, 2019ರಲ್ಲಿ ಸಿಎಎ ಮಸೂದೆ ಅಂಗೀಕಾರಗೊಂಡರೂ ಕೇಂದ್ರ ಸರ್ಕಾರ ಚುನಾವಣೆಗೂ ಮುನ್ನ ಅಂದರೆ ಈ ವರ್ಷ ಮಾರ್ಚ್ ತಿಂಗಳಲ್ಲಿ ಕಾಯ್ದೆ ಕುರಿತು ಅಧಿಸೂಚನೆ ಹೊರಡಿಸಿತ್ತು. ಸಿಎಎ ಅಡಿ
REJECT
CAA
ಮುಸ್ಲಿಮರನ್ನು ಹೊರಗಿಟ್ಟು ಪೌರತ್ವ ನೀಡುತ್ತಿರುವುದು ಸಂವಿಧಾನದ 14 ನೇ ಪರಿಚ್ಛೇದದ ಅಡಿಯಲ್ಲಿ ಸಮಾನತೆಯ ಹಕ್ಕಿನ ವಿರುದ್ಧವಾಗಿದೆ ಎಂದು ವಾದಿಸಿರುವ ಐಯುಎಂಎಲ್, ಈಗಾಗಲೇ ಕಾಯ್ದೆ ಬಗ್ಗೆ ಸುಪ್ರೀಂ ಕೋರ್ಟ್‌ನಲ್ಲಿ ಅರ್ಜಿ ಸಲ್ಲಿಸಿದೆ. ಸಿಎಎ ನಿಯಮಗಳು, 2019ರ ಅಡಿಯಲ್ಲಿ ಪೌರತ್ವ ಪ್ರಮಾಣ ಪತ್ರಗಳನ್ನು ನೀಡಬಾರದು ಅಥವಾ ಮುಂದುವರಿಸಬಾರದು ಎಂದು ಸುಪ್ರೀಂ ಕೋರ್ಟ್ ಕೇಂದ್ರ ಸರ್ಕಾರಕ್ಕೆ ನಿರ್ದೇಶನ ನೀಡಬೇಕೆಂದು ಐಯುಎಂಎಲ್ ರಾಷ್ಟ್ರೀಯ ಪ್ರಧಾನ ಕಾರ್ಯದರ್ಶಿ ಪಿಕೆ ಕುಂಞಾಲಿಕುಟ್ಟಿ ಗುರುವಾರ ಹೇಳಿದ್ದಾರೆ. "ಮತದಾರರ ಮೇಲೆ ಪ್ರಭಾವ ಬೀರಲು ಕೇಂದ್ರ ಸರ್ಕಾರ ಸಿಎಎ ಅಡಿ ಪೌರತ್ವ ಪ್ರಮಾಣ ಪತ್ರ ವಿತರಿಸಲು ಪ್ರಾರಂಭಿಸಿದೆ. ಇದು
ಚುನಾವಣಾ ಮಾರ್ಗಸೂಚಿಗಳ ಉಲ್ಲಂಘನೆಯಾಗಿದೆ. ಇದರ ವಿರುದ್ಧ ಚುನಾವಣಾ ಆಯೋಗ ಕ್ರಮ ಕೈಗೊಳ್ಳಬೇಕು" ಎಂದು ಕುಂಞಾಲಿಕುಟ್ಟಿ ಒತ್ತಾಯಿಸಿದ್ದಾರೆ. ಈ ವಿಷಯದ ಬಗ್ಗೆ ಪಕ್ಷದ ಮುಖಂಡರೊಂದಿಗೆ ಚರ್ಚಿಸಿ ಕಾನೂನು ಹೋರಾಟ ಮುಂದುವರಿಸಲು ತೀರ್ಮಾನಿಸಲಾಗಿದೆ. "ಸಿಎಎ ವಿರುದ್ಧದ ನಮ್ಮ ಹೋರಾಟವನ್ನು ಮುಂದಿನ ಹಂತಕ್ಕೆ ಕೊಂಡೊಯ್ಯಲು ನಾವು ನಿರ್ಧರಿಸಿದ್ದೇವೆ" ಎಂದು ಹೇಳಿದ್ದಾರೆ. ಈ ವಿಚಾರದಲ್ಲಿ ಪ್ರತ್ಯೇಕ ಸುಪ್ರೀಂ ಕೋರ್ಟ್ ಮತ್ತು ಚುನಾವಣಾ ಆಯೋಗವನ್ನು ಸಂಪರ್ಕಿಸಲಿದ್ದೇವೆ ಎಂದು ಐಯುಎಂಎಲ್ ಪ್ರಧಾನ ಕಾರ್ಯದರ್ಶಿ ಪಿಎಂಎ ಸಲಾಂ ಹೇಳಿದ್ದಾರೆ.
